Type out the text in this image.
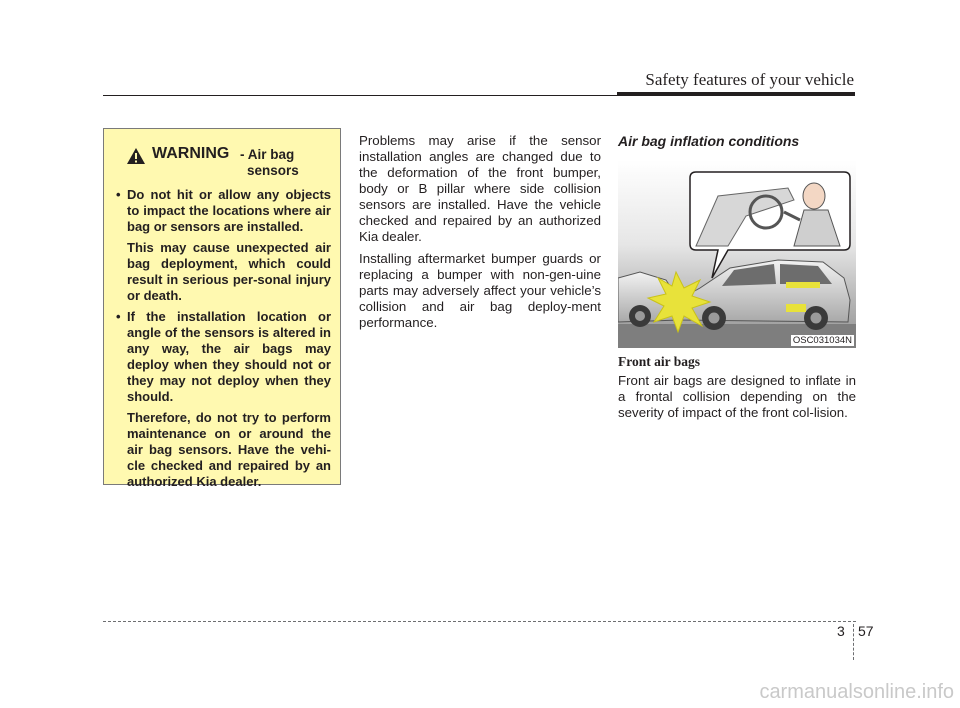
Safety features of your vehicle
WARNING - Air bag
sensors
• Do not hit or allow any objects to impact the locations where air bag or sensors are installed.

This may cause unexpected air bag deployment, which could result in serious per-sonal injury or death.

• If the installation location or angle of the sensors is altered in any way, the air bags may deploy when they should not or they may not deploy when they should.

Therefore, do not try to perform maintenance on or around the air bag sensors. Have the vehi-cle checked and repaired by an authorized Kia dealer.

Problems may arise if the sensor installation angles are changed due to the deformation of the front bumper, body or B pillar where side collision sensors are installed. Have the vehicle checked and repaired by an authorized Kia dealer.

Installing aftermarket bumper guards or replacing a bumper with non-gen-uine parts may adversely affect your vehicle’s collision and air bag deploy-ment performance.

Air bag inflation conditions
OSC031034N
Front air bags
Front air bags are designed to inflate in a frontal collision depending on the severity of impact of the front col-lision.
3 57
carmanualsonline.info
